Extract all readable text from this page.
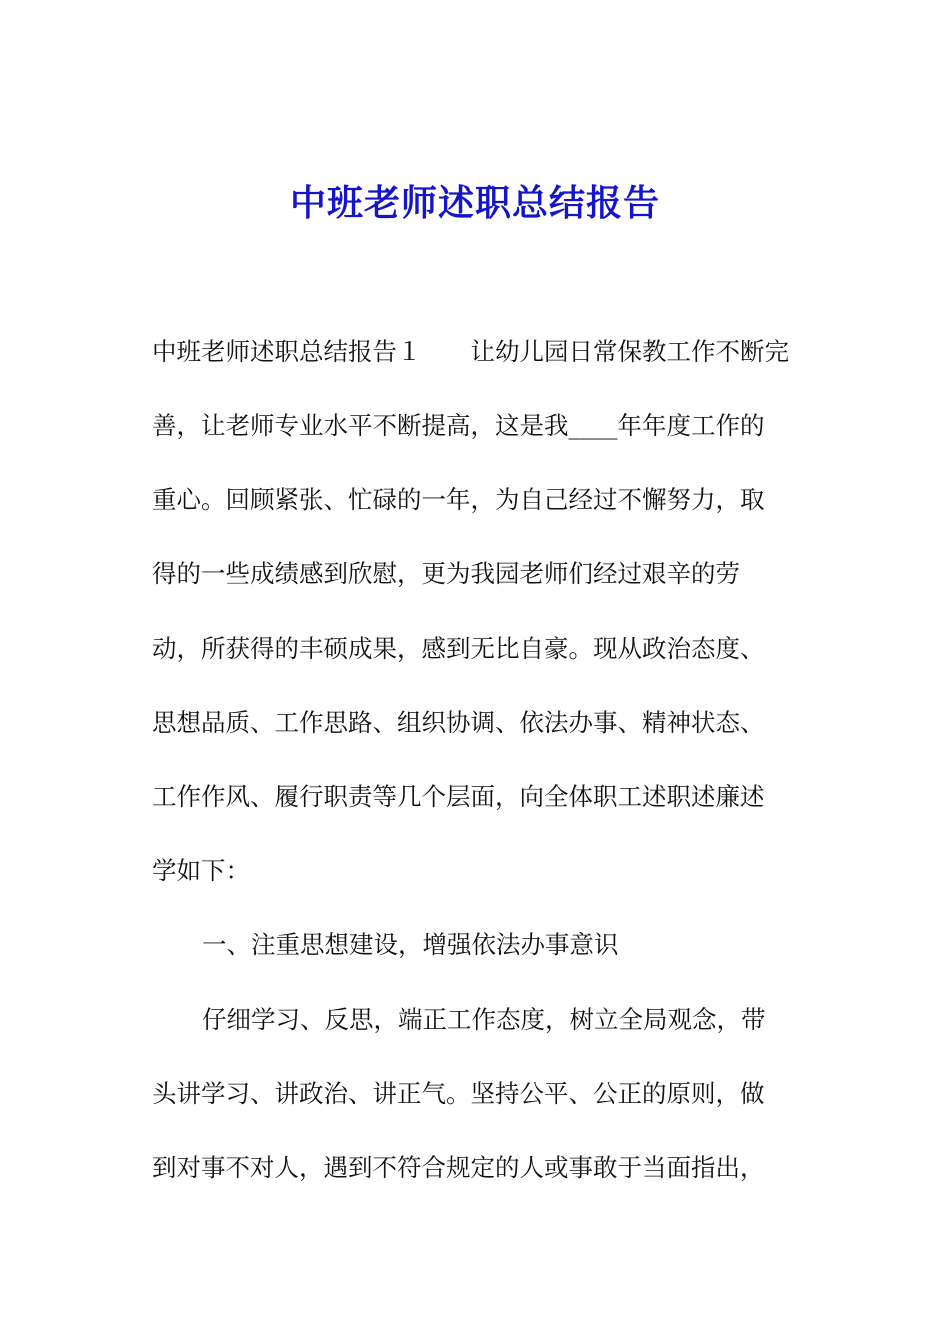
中班老师述职总结报告
中班老师述职总结报告１　　让幼儿园日常保教工作不断完
善，让老师专业水平不断提高，这是我____年年度工作的
重心。回顾紧张、忙碌的一年，为自己经过不懈努力，取
得的一些成绩感到欣慰，更为我园老师们经过艰辛的劳
动，所获得的丰硕成果，感到无比自豪。现从政治态度、
思想品质、工作思路、组织协调、依法办事、精神状态、
工作作风、履行职责等几个层面，向全体职工述职述廉述
学如下：
一、注重思想建设，增强依法办事意识
仔细学习、反思，端正工作态度，树立全局观念，带
头讲学习、讲政治、讲正气。坚持公平、公正的原则，做
到对事不对人，遇到不符合规定的人或事敢于当面指出，
